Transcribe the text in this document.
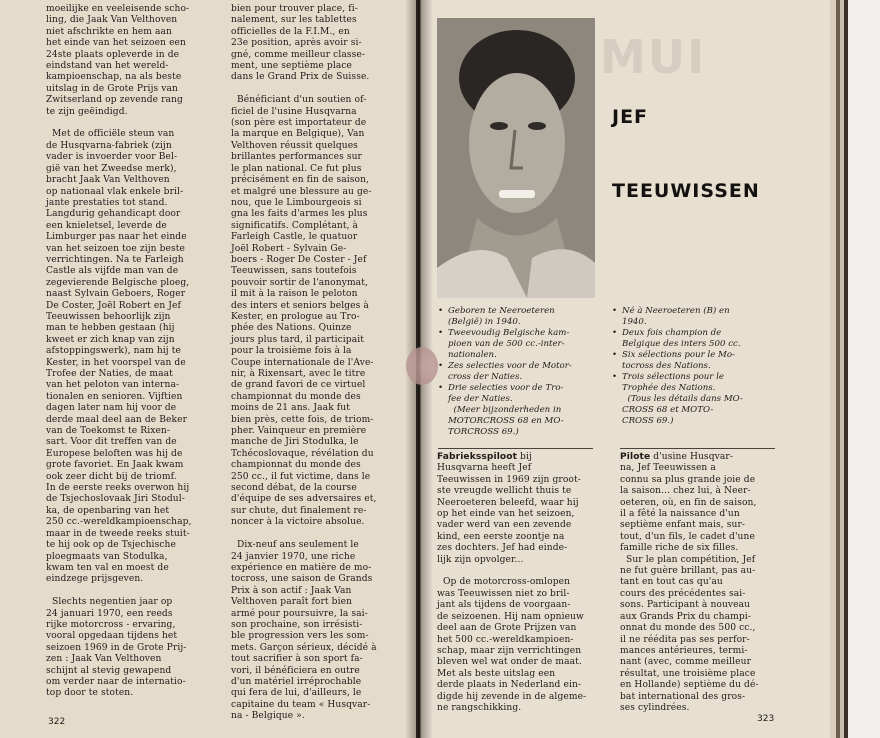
moeilijke en veeleisende scho-
ling, die Jaak Van Velthoven
niet afschrikte en hem aan
het einde van het seizoen een
24ste plaats opleverde in de
eindstand van het wereld-
kampioenschap, na als beste
uitslag in de Grote Prijs van
Zwitserland op zevende rang
te zijn geëindigd.

Met de officiële steun van
de Husqvarna-fabriek (zijn
vader is invoerder voor Bel-
gië van het Zweedse merk),
bracht Jaak Van Velthoven
op nationaal vlak enkele bril-
jante prestaties tot stand.
Langdurig gehandicapt door
een knieletsel, leverde de
Limburger pas naar het einde
van het seizoen toe zijn beste
verrichtingen. Na te Farleigh
Castle als vijfde man van de
zegevierende Belgische ploeg,
naast Sylvain Geboers, Roger
De Coster, Joël Robert en Jef
Teeuwissen behoorlijk zijn
man te hebben gestaan (hij
kweet er zich knap van zijn
afstoppingswerk), nam hij te
Kester, in het voorspel van de
Trofee der Naties, de maat
van het peloton van interna-
tionalen en senioren. Vijftien
dagen later nam hij voor de
derde maal deel aan de Beker
van de Toekomst te Rixen-
sart. Voor dit treffen van de
Europese beloften was hij de
grote favoriet. En Jaak kwam
ook zeer dicht bij de triomf.
In de eerste reeks overwon hij
de Tsjechoslovaak Jiri Stodul-
ka, de openbaring van het
250 cc.-wereldkampioenschap,
maar in de tweede reeks stuit-
te hij ook op de Tsjechische
ploegmaats van Stodulka,
kwam ten val en moest de
eindzege prijsgeven.

Slechts negentien jaar op
24 januari 1970, een reeds
rijke motorcross - ervaring,
vooral opgedaan tijdens het
seizoen 1969 in de Grote Prij-
zen : Jaak Van Velthoven
schijnt al stevig gewapend
om verder naar de internatio-
top door te stoten.
bien pour trouver place, fi-
nalement, sur les tablettes
officielles de la F.I.M., en
23e position, après avoir si-
gné, comme meilleur classe-
ment, une septième place
dans le Grand Prix de Suisse.

Bénéficiant d'un soutien of-
ficiel de l'usine Husqvarna
(son père est importateur de
la marque en Belgique), Van
Velthoven réussit quelques
brillantes performances sur
le plan national. Ce fut plus
précisément en fin de saison,
et malgré une blessure au ge-
nou, que le Limbourgeois si
gna les faits d'armes les plus
significatifs. Complétant, à
Farleigh Castle, le quatuor
Joël Robert - Sylvain Ge-
boers - Roger De Coster - Jef
Teeuwissen, sans toutefois
pouvoir sortir de l'anonymat,
il mit à la raison le peloton
des inters et seniors belges à
Kester, en prologue au Tro-
phée des Nations. Quinze
jours plus tard, il participait
pour la troisième fois à la
Coupe internationale de l'Ave-
nir, à Rixensart, avec le titre
de grand favori de ce virtuel
championnat du monde des
moins de 21 ans. Jaak fut
bien près, cette fois, de triom-
pher. Vainqueur en première
manche de Jiri Stodulka, le
Tchécoslovaque, révélation du
championnat du monde des
250 cc., il fut victime, dans le
second débat, de la course
d'équipe de ses adversaires et,
sur chute, dut finalement re-
noncer à la victoire absolue.

Dix-neuf ans seulement le
24 janvier 1970, une riche
expérience en matière de mo-
tocross, une saison de Grands
Prix à son actif : Jaak Van
Velthoven paraît fort bien
armé pour poursuivre, la sai-
son prochaine, son irrésisti-
ble progression vers les som-
mets. Garçon sérieux, décidé à
tout sacrifier à son sport fa-
vori, il bénéficiera en outre
d'un matériel irréprochable
qui fera de lui, d'ailleurs, le
capitaine du team « Husqvar-
na - Belgique ».
322
MUI
JEF
TEEUWISSEN
• Geboren te Neeroeteren
(België) in 1940.
• Tweevoudig Belgische kam-
pioen van de 500 cc.-inter-
nationalen.
• Zes selecties voor de Motor-
cross der Naties.
• Drie selecties voor de Tro-
fee der Naties.
(Meer bijzonderheden in
MOTORCROSS 68 en MO-
TORCROSS 69.)
• Né à Neeroeteren (B) en
1940.
• Deux fois champion de
Belgique des inters 500 cc.
• Six sélections pour le Mo-
tocross des Nations.
• Trois sélections pour le
Trophée des Nations.
(Tous les détails dans MO-
CROSS 68 et MOTO-
CROSS 69.)
Fabrieksspiloot bij
Husqvarna heeft Jef
Teeuwissen in 1969 zijn groot-
ste vreugde wellicht thuis te
Neeroeteren beleefd, waar hij
op het einde van het seizoen,
vader werd van een zevende
kind, een eerste zoontje na
zes dochters. Jef had einde-
lijk zijn opvolger...

Op de motorcross-omlopen
was Teeuwissen niet zo bril-
jant als tijdens de voorgaan-
de seizoenen. Hij nam opnieuw
deel aan de Grote Prijzen van
het 500 cc.-wereldkampioen-
schap, maar zijn verrichtingen
bleven wel wat onder de maat.
Met als beste uitslag een
derde plaats in Nederland ein-
digde hij zevende in de algeme-
ne rangschikking.
Pilote d'usine Husqvar-
na, Jef Teeuwissen a
connu sa plus grande joie de
la saison... chez lui, à Neer-
oeteren, où, en fin de saison,
il a fêté la naissance d'un
septième enfant mais, sur-
tout, d'un fils, le cadet d'une
famille riche de six filles.
Sur le plan compétition, Jef
ne fut guère brillant, pas au-
tant en tout cas qu'au
cours des précédentes sai-
sons. Participant à nouveau
aux Grands Prix du champi-
onnat du monde des 500 cc.,
il ne réédita pas ses perfor-
mances antérieures, termi-
nant (avec, comme meilleur
résultat, une troisième place
en Hollande) septième du dé-
bat international des gros-
ses cylindrées.
323
